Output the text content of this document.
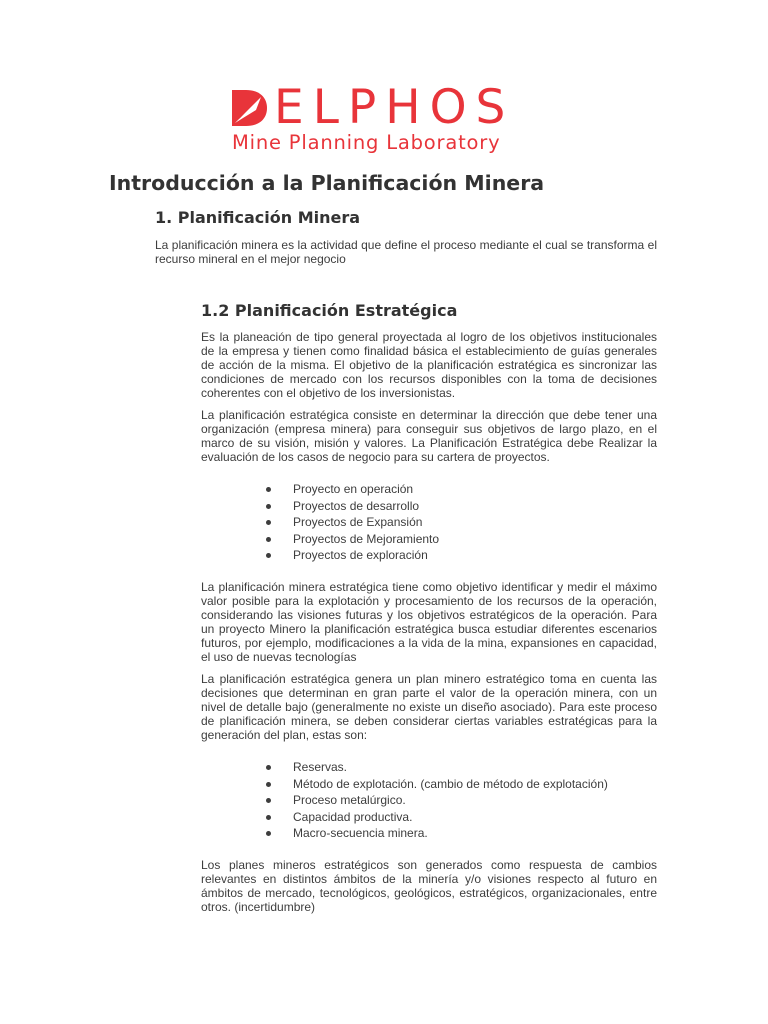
ELPHOS
Mine Planning Laboratory
Introducción a la Planificación Minera
1. Planificación Minera

La planificación minera es la actividad que define el proceso mediante el cual se transforma el recurso mineral en el mejor negocio

1.2 Planificación Estratégica

Es la planeación de tipo general proyectada al logro de los objetivos institucionales de la empresa y tienen como finalidad básica el establecimiento de guías generales de acción de la misma. El objetivo de la planificación estratégica es sincronizar las condiciones de mercado con los recursos disponibles con la toma de decisiones coherentes con el objetivo de los inversionistas.

La planificación estratégica consiste en determinar la dirección que debe tener una organización (empresa minera) para conseguir sus objetivos de largo plazo, en el marco de su visión, misión y valores. La Planificación Estratégica debe Realizar la evaluación de los casos de negocio para su cartera de proyectos.

Proyecto en operación
Proyectos de desarrollo
Proyectos de Expansión
Proyectos de Mejoramiento
Proyectos de exploración

La planificación minera estratégica tiene como objetivo identificar y medir el máximo valor posible para la explotación y procesamiento de los recursos de la operación, considerando las visiones futuras y los objetivos estratégicos de la operación. Para un proyecto Minero la planificación estratégica busca estudiar diferentes escenarios futuros, por ejemplo, modificaciones a la vida de la mina, expansiones en capacidad, el uso de nuevas tecnologías

La planificación estratégica genera un plan minero estratégico toma en cuenta las decisiones que determinan en gran parte el valor de la operación minera, con un nivel de detalle bajo (generalmente no existe un diseño asociado). Para este proceso de planificación minera, se deben considerar ciertas variables estratégicas para la generación del plan, estas son:

Reservas.
Método de explotación. (cambio de método de explotación)
Proceso metalúrgico.
Capacidad productiva.
Macro-secuencia minera.

Los planes mineros estratégicos son generados como respuesta de cambios relevantes en distintos ámbitos de la minería y/o visiones respecto al futuro en ámbitos de mercado, tecnológicos, geológicos, estratégicos, organizacionales, entre otros. (incertidumbre)
